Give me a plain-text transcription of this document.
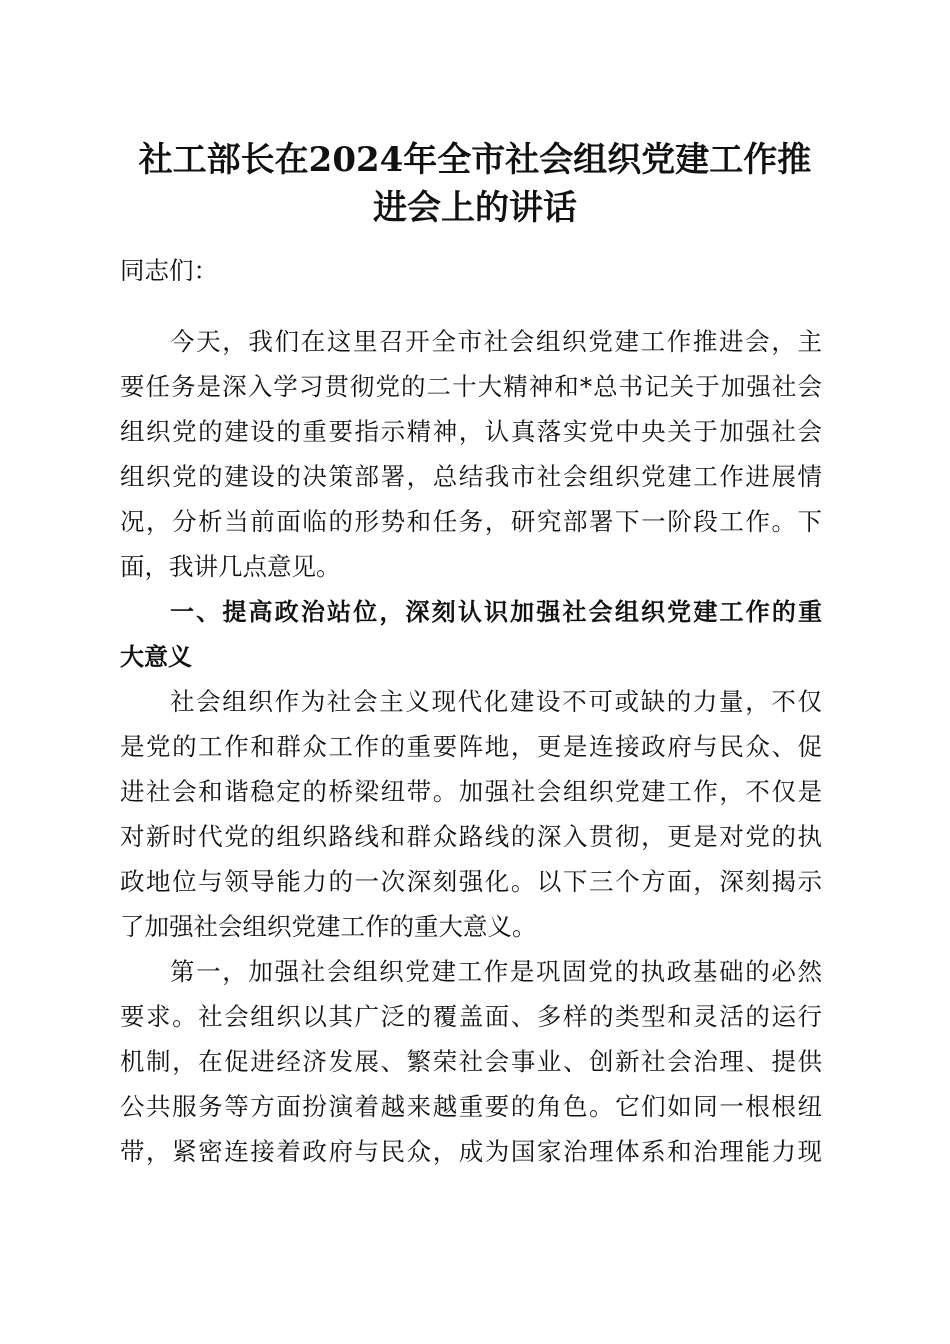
社工部长在2024年全市社会组织党建工作推
进会上的讲话
同志们：
今天，我们在这里召开全市社会组织党建工作推进会，主
要任务是深入学习贯彻党的二十大精神和*总书记关于加强社会
组织党的建设的重要指示精神，认真落实党中央关于加强社会
组织党的建设的决策部署，总结我市社会组织党建工作进展情
况，分析当前面临的形势和任务，研究部署下一阶段工作。下
面，我讲几点意见。
一、提高政治站位，深刻认识加强社会组织党建工作的重
大意义
社会组织作为社会主义现代化建设不可或缺的力量，不仅
是党的工作和群众工作的重要阵地，更是连接政府与民众、促
进社会和谐稳定的桥梁纽带。加强社会组织党建工作，不仅是
对新时代党的组织路线和群众路线的深入贯彻，更是对党的执
政地位与领导能力的一次深刻强化。以下三个方面，深刻揭示
了加强社会组织党建工作的重大意义。
第一，加强社会组织党建工作是巩固党的执政基础的必然
要求。社会组织以其广泛的覆盖面、多样的类型和灵活的运行
机制，在促进经济发展、繁荣社会事业、创新社会治理、提供
公共服务等方面扮演着越来越重要的角色。它们如同一根根纽
带，紧密连接着政府与民众，成为国家治理体系和治理能力现
